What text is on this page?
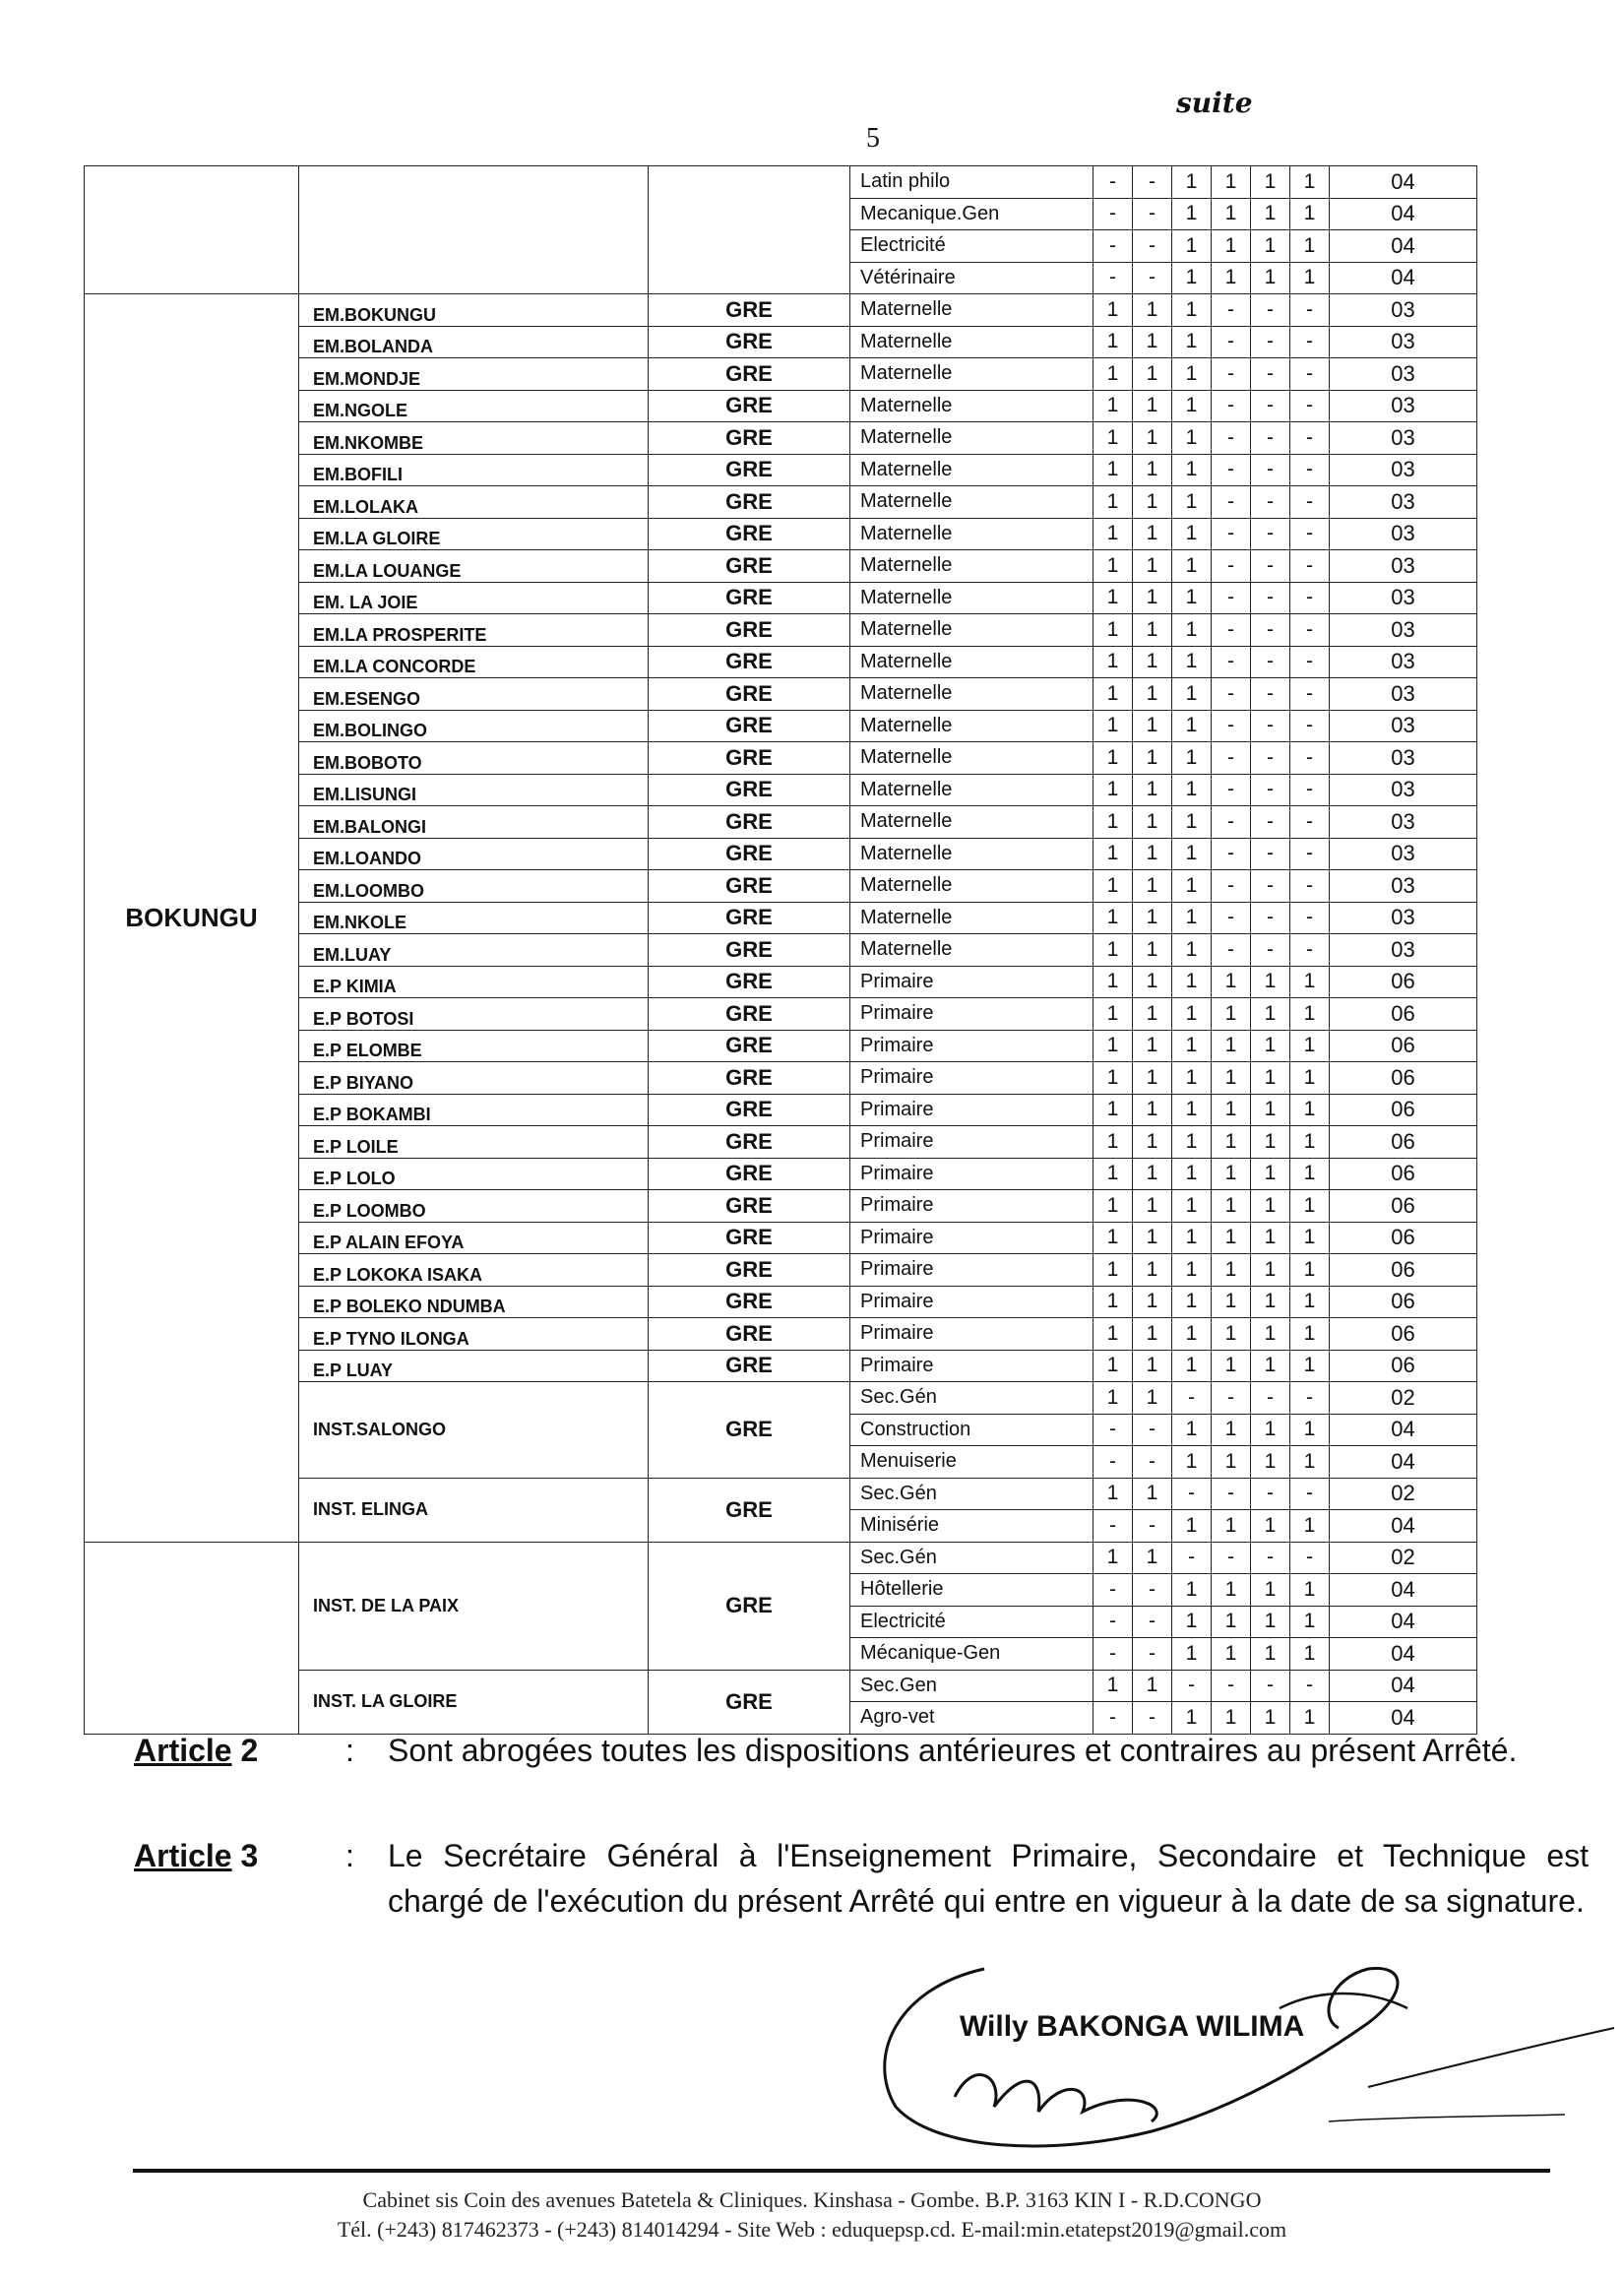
suite
5
			Latin philo	-	-	1	1	1	1	04
			Mecanique.Gen	-	-	1	1	1	1	04
			Electricité	-	-	1	1	1	1	04
			Vétérinaire	-	-	1	1	1	1	04
BOKUNGU	EM.BOKUNGU	GRE	Maternelle	1	1	1	-	-	-	03
	EM.BOLANDA	GRE	Maternelle	1	1	1	-	-	-	03
	EM.MONDJE	GRE	Maternelle	1	1	1	-	-	-	03
	EM.NGOLE	GRE	Maternelle	1	1	1	-	-	-	03
	EM.NKOMBE	GRE	Maternelle	1	1	1	-	-	-	03
	EM.BOFILI	GRE	Maternelle	1	1	1	-	-	-	03
	EM.LOLAKA	GRE	Maternelle	1	1	1	-	-	-	03
	EM.LA GLOIRE	GRE	Maternelle	1	1	1	-	-	-	03
	EM.LA LOUANGE	GRE	Maternelle	1	1	1	-	-	-	03
	EM. LA JOIE	GRE	Maternelle	1	1	1	-	-	-	03
	EM.LA PROSPERITE	GRE	Maternelle	1	1	1	-	-	-	03
	EM.LA CONCORDE	GRE	Maternelle	1	1	1	-	-	-	03
	EM.ESENGO	GRE	Maternelle	1	1	1	-	-	-	03
	EM.BOLINGO	GRE	Maternelle	1	1	1	-	-	-	03
	EM.BOBOTO	GRE	Maternelle	1	1	1	-	-	-	03
	EM.LISUNGI	GRE	Maternelle	1	1	1	-	-	-	03
	EM.BALONGI	GRE	Maternelle	1	1	1	-	-	-	03
	EM.LOANDO	GRE	Maternelle	1	1	1	-	-	-	03
	EM.LOOMBO	GRE	Maternelle	1	1	1	-	-	-	03
	EM.NKOLE	GRE	Maternelle	1	1	1	-	-	-	03
	EM.LUAY	GRE	Maternelle	1	1	1	-	-	-	03
	E.P KIMIA	GRE	Primaire	1	1	1	1	1	1	06
	E.P BOTOSI	GRE	Primaire	1	1	1	1	1	1	06
	E.P ELOMBE	GRE	Primaire	1	1	1	1	1	1	06
	E.P BIYANO	GRE	Primaire	1	1	1	1	1	1	06
	E.P BOKAMBI	GRE	Primaire	1	1	1	1	1	1	06
	E.P LOILE	GRE	Primaire	1	1	1	1	1	1	06
	E.P LOLO	GRE	Primaire	1	1	1	1	1	1	06
	E.P LOOMBO	GRE	Primaire	1	1	1	1	1	1	06
	E.P ALAIN EFOYA	GRE	Primaire	1	1	1	1	1	1	06
	E.P LOKOKA ISAKA	GRE	Primaire	1	1	1	1	1	1	06
	E.P BOLEKO NDUMBA	GRE	Primaire	1	1	1	1	1	1	06
	E.P TYNO ILONGA	GRE	Primaire	1	1	1	1	1	1	06
	E.P LUAY	GRE	Primaire	1	1	1	1	1	1	06
	INST.SALONGO	GRE	Sec.Gén	1	1	-	-	-	-	02
			Construction	-	-	1	1	1	1	04
			Menuiserie	-	-	1	1	1	1	04
	INST. ELINGA	GRE	Sec.Gén	1	1	-	-	-	-	02
			Minisérie	-	-	1	1	1	1	04
	INST. DE LA PAIX	GRE	Sec.Gén	1	1	-	-	-	-	02
			Hôtellerie	-	-	1	1	1	1	04
			Electricité	-	-	1	1	1	1	04
			Mécanique-Gen	-	-	1	1	1	1	04
	INST. LA GLOIRE	GRE	Sec.Gen	1	1	-	-	-	-	04
			Agro-vet	-	-	1	1	1	1	04
Article 2	: Sont abrogées toutes les dispositions antérieures et contraires au présent Arrêté.
Article 3	: Le Secrétaire Général à l'Enseignement Primaire, Secondaire et Technique est chargé de l'exécution du présent Arrêté qui entre en vigueur à la date de sa signature.
Willy BAKONGA WILIMA
Cabinet sis Coin des avenues Batetela & Cliniques. Kinshasa - Gombe. B.P. 3163 KIN I - R.D.CONGO
Tél. (+243) 817462373 - (+243) 814014294 - Site Web : eduquepsp.cd. E-mail:min.etatepst2019@gmail.com
